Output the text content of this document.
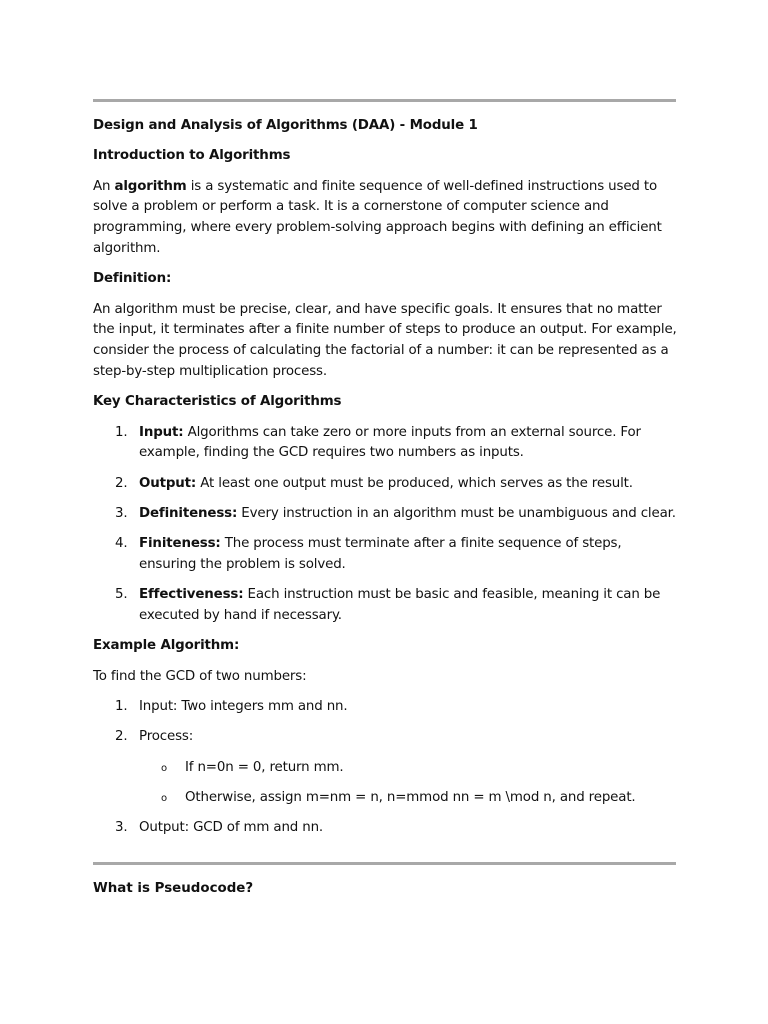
Design and Analysis of Algorithms (DAA) - Module 1
Introduction to Algorithms

An algorithm is a systematic and finite sequence of well-defined instructions used to solve a problem or perform a task. It is a cornerstone of computer science and programming, where every problem-solving approach begins with defining an efficient algorithm.

Definition:

An algorithm must be precise, clear, and have specific goals. It ensures that no matter the input, it terminates after a finite number of steps to produce an output. For example, consider the process of calculating the factorial of a number: it can be represented as a step-by-step multiplication process.

Key Characteristics of Algorithms
1. Input: Algorithms can take zero or more inputs from an external source. For example, finding the GCD requires two numbers as inputs.
2. Output: At least one output must be produced, which serves as the result.
3. Definiteness: Every instruction in an algorithm must be unambiguous and clear.
4. Finiteness: The process must terminate after a finite sequence of steps, ensuring the problem is solved.
5. Effectiveness: Each instruction must be basic and feasible, meaning it can be executed by hand if necessary.
Example Algorithm:

To find the GCD of two numbers:

1. Input: Two integers mm and nn.
2. Process:
o If n=0n = 0, return mm.
o Otherwise, assign m=nm = n, n=mmod nn = m \mod n, and repeat.
3. Output: GCD of mm and nn.
What is Pseudocode?
